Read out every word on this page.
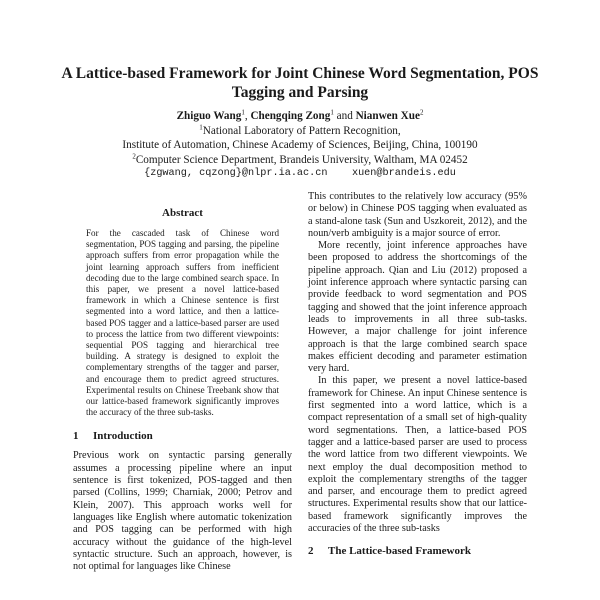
A Lattice-based Framework for Joint Chinese Word Segmentation, POS Tagging and Parsing
Zhiguo Wang$^1$, Chengqing Zong$^1$ and Nianwen Xue$^2$
$^1$National Laboratory of Pattern Recognition,
Institute of Automation, Chinese Academy of Sciences, Beijing, China, 100190
$^2$Computer Science Department, Brandeis University, Waltham, MA 02452
{zgwang, cqzong}@nlpr.ia.ac.cn    xuen@brandeis.edu
Abstract

For the cascaded task of Chinese word segmentation, POS tagging and parsing, the pipeline approach suffers from error propagation while the joint learning approach suffers from inefficient decoding due to the large combined search space. In this paper, we present a novel lattice-based framework in which a Chinese sentence is first segmented into a word lattice, and then a lattice-based POS tagger and a lattice-based parser are used to process the lattice from two different viewpoints: sequential POS tagging and hierarchical tree building. A strategy is designed to exploit the complementary strengths of the tagger and parser, and encourage them to predict agreed structures. Experimental results on Chinese Treebank show that our lattice-based framework significantly improves the accuracy of the three sub-tasks.

1	Introduction

Previous work on syntactic parsing generally assumes a processing pipeline where an input sentence is first tokenized, POS-tagged and then parsed (Collins, 1999; Charniak, 2000; Petrov and Klein, 2007). This approach works well for languages like English where automatic tokenization and POS tagging can be performed with high accuracy without the guidance of the high-level syntactic structure. Such an approach, however, is not optimal for languages like Chinese

This contributes to the relatively low accuracy (95% or below) in Chinese POS tagging when evaluated as a stand-alone task (Sun and Uszkoreit, 2012), and the noun/verb ambiguity is a major source of error.

More recently, joint inference approaches have been proposed to address the shortcomings of the pipeline approach. Qian and Liu (2012) proposed a joint inference approach where syntactic parsing can provide feedback to word segmentation and POS tagging and showed that the joint inference approach leads to improvements in all three sub-tasks. However, a major challenge for joint inference approach is that the large combined search space makes efficient decoding and parameter estimation very hard.

In this paper, we present a novel lattice-based framework for Chinese. An input Chinese sentence is first segmented into a word lattice, which is a compact representation of a small set of high-quality word segmentations. Then, a lattice-based POS tagger and a lattice-based parser are used to process the word lattice from two different viewpoints. We next employ the dual decomposition method to exploit the complementary strengths of the tagger and parser, and encourage them to predict agreed structures. Experimental results show that our lattice-based framework significantly improves the accuracies of the three sub-tasks

2	The Lattice-based Framework
